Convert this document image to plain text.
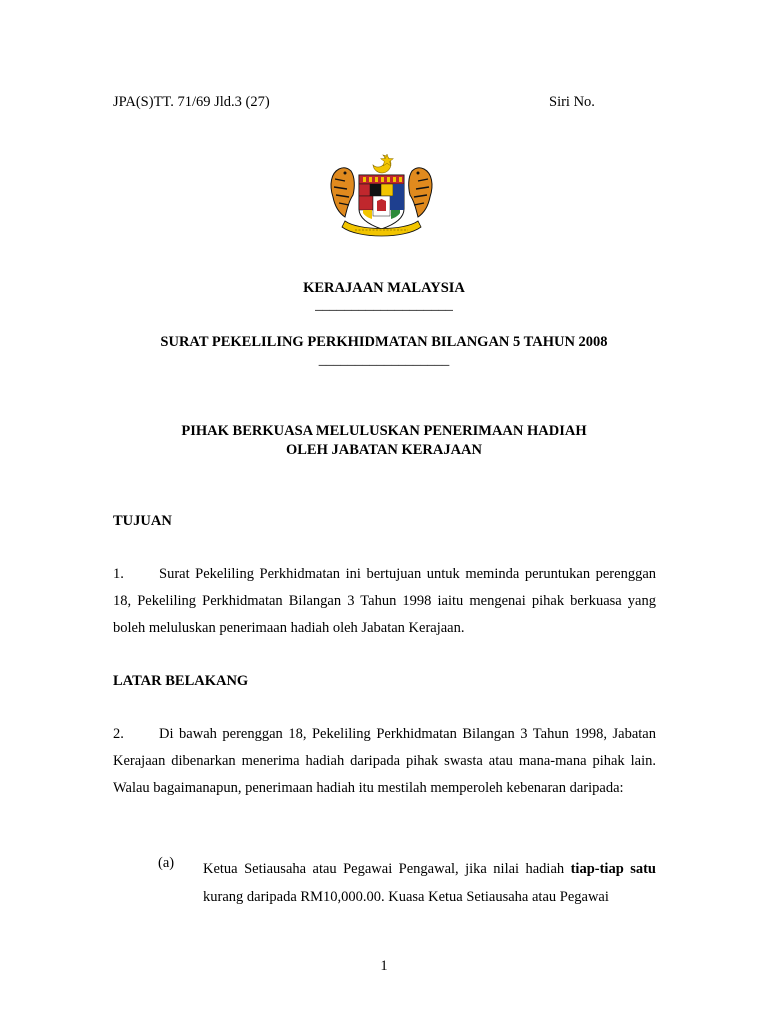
JPA(S)TT. 71/69 Jld.3 (27)	Siri No.
KERAJAAN MALAYSIA
___________________
SURAT PEKELILING PERKHIDMATAN BILANGAN 5 TAHUN 2008
__________________
PIHAK BERKUASA MELULUSKAN PENERIMAAN HADIAH
OLEH JABATAN KERAJAAN
TUJUAN
1. Surat Pekeliling Perkhidmatan ini bertujuan untuk meminda peruntukan perenggan 18, Pekeliling Perkhidmatan Bilangan 3 Tahun 1998 iaitu mengenai pihak berkuasa yang boleh meluluskan penerimaan hadiah oleh Jabatan Kerajaan.
LATAR BELAKANG
2. Di bawah perenggan 18, Pekeliling Perkhidmatan Bilangan 3 Tahun 1998, Jabatan Kerajaan dibenarkan menerima hadiah daripada pihak swasta atau mana-mana pihak lain. Walau bagaimanapun, penerimaan hadiah itu mestilah memperoleh kebenaran daripada:
(a) Ketua Setiausaha atau Pegawai Pengawal, jika nilai hadiah tiap-tiap satu kurang daripada RM10,000.00. Kuasa Ketua Setiausaha atau Pegawai
1
